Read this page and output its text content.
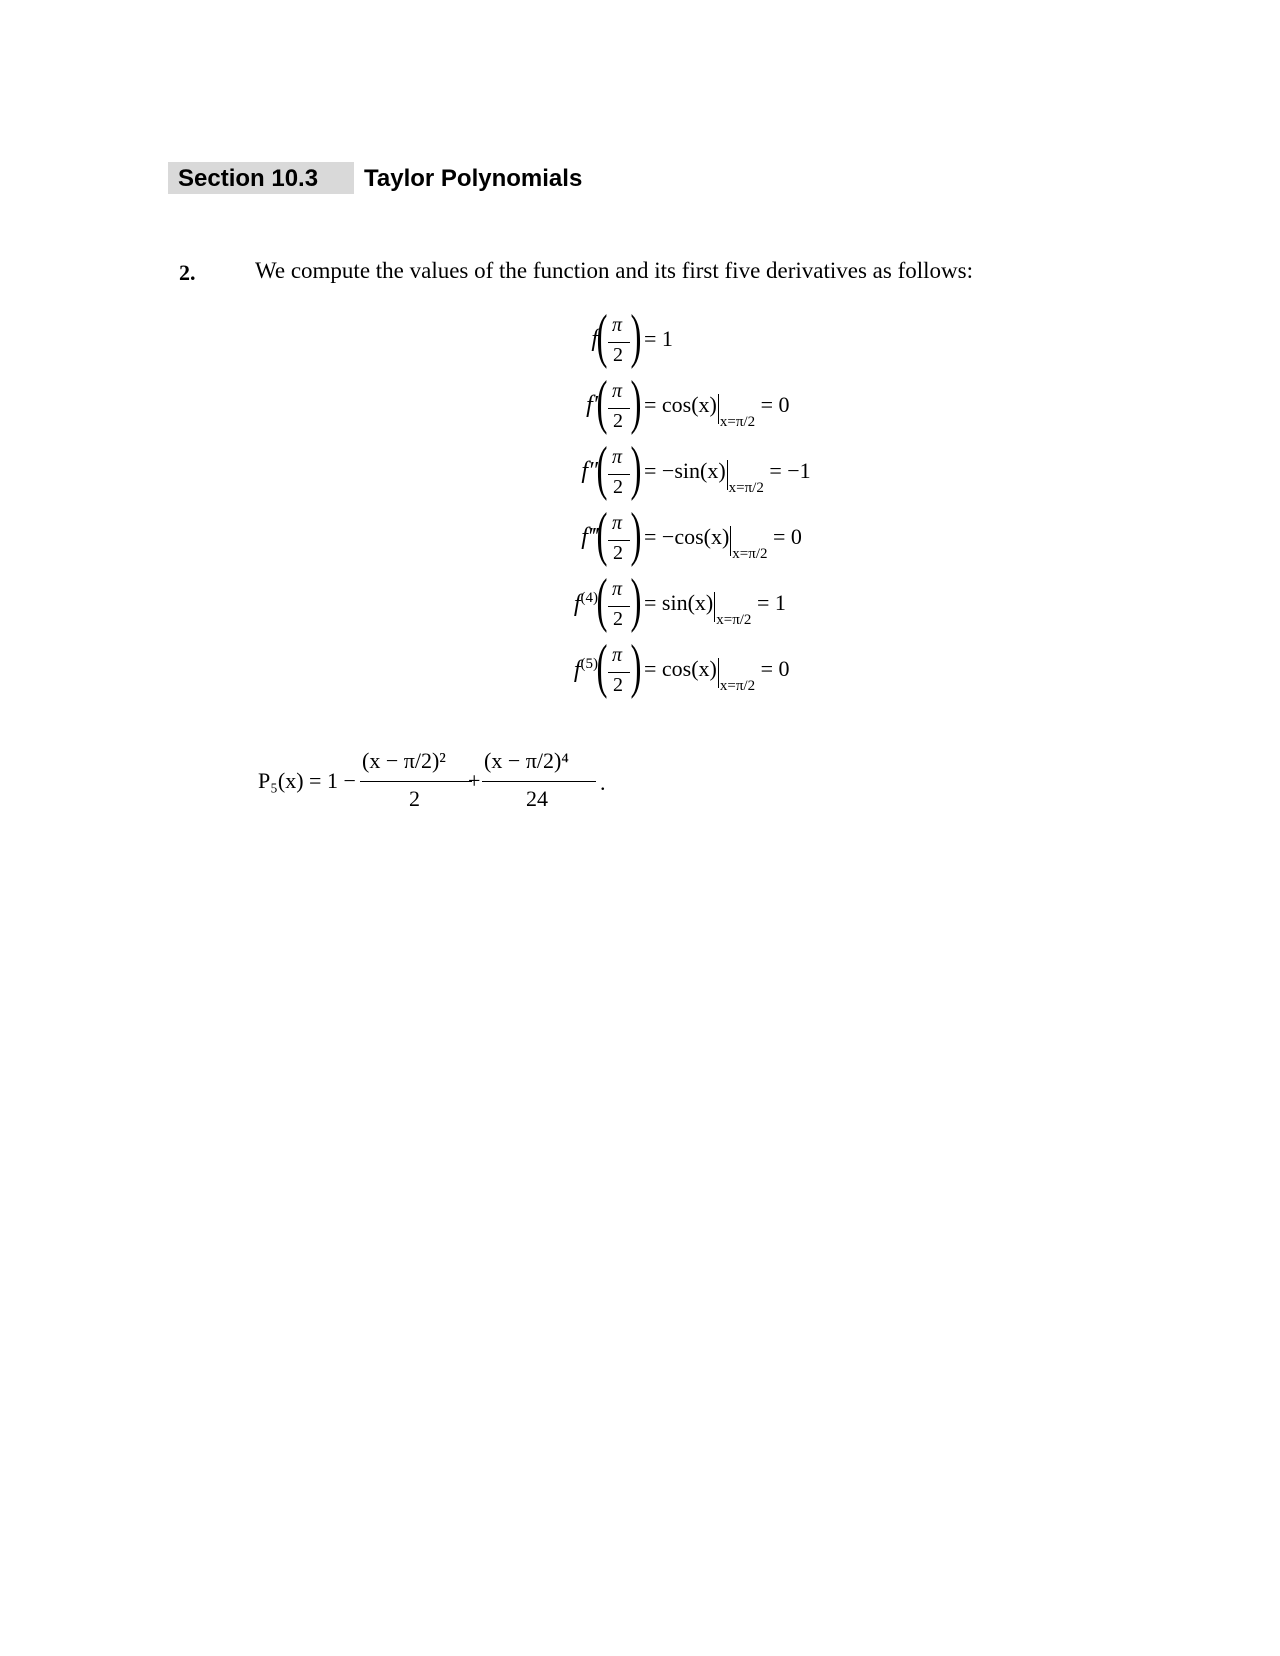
Section 10.3 Taylor Polynomials
2.	We compute the values of the function and its first five derivatives as follows:
f
( π
2 ) = 1
f′
( π
2 ) = $\cos(x)_{x=\pi/2} = 0$
f″
( π
2 ) = $-\sin(x)_{x=\pi/2} = -1$
f‴
( π
2 ) = $-\cos(x)_{x=\pi/2} = 0$
$f^{(4)}$
( π
2 ) = $\sin(x)_{x=\pi/2} = 1$
$f^{(5)}$
( π
2 ) = $\cos(x)_{x=\pi/2} = 0$
P₅(x) = 1 −
(x − π/2)²
2
+
(x − π/2)⁴
24
.
